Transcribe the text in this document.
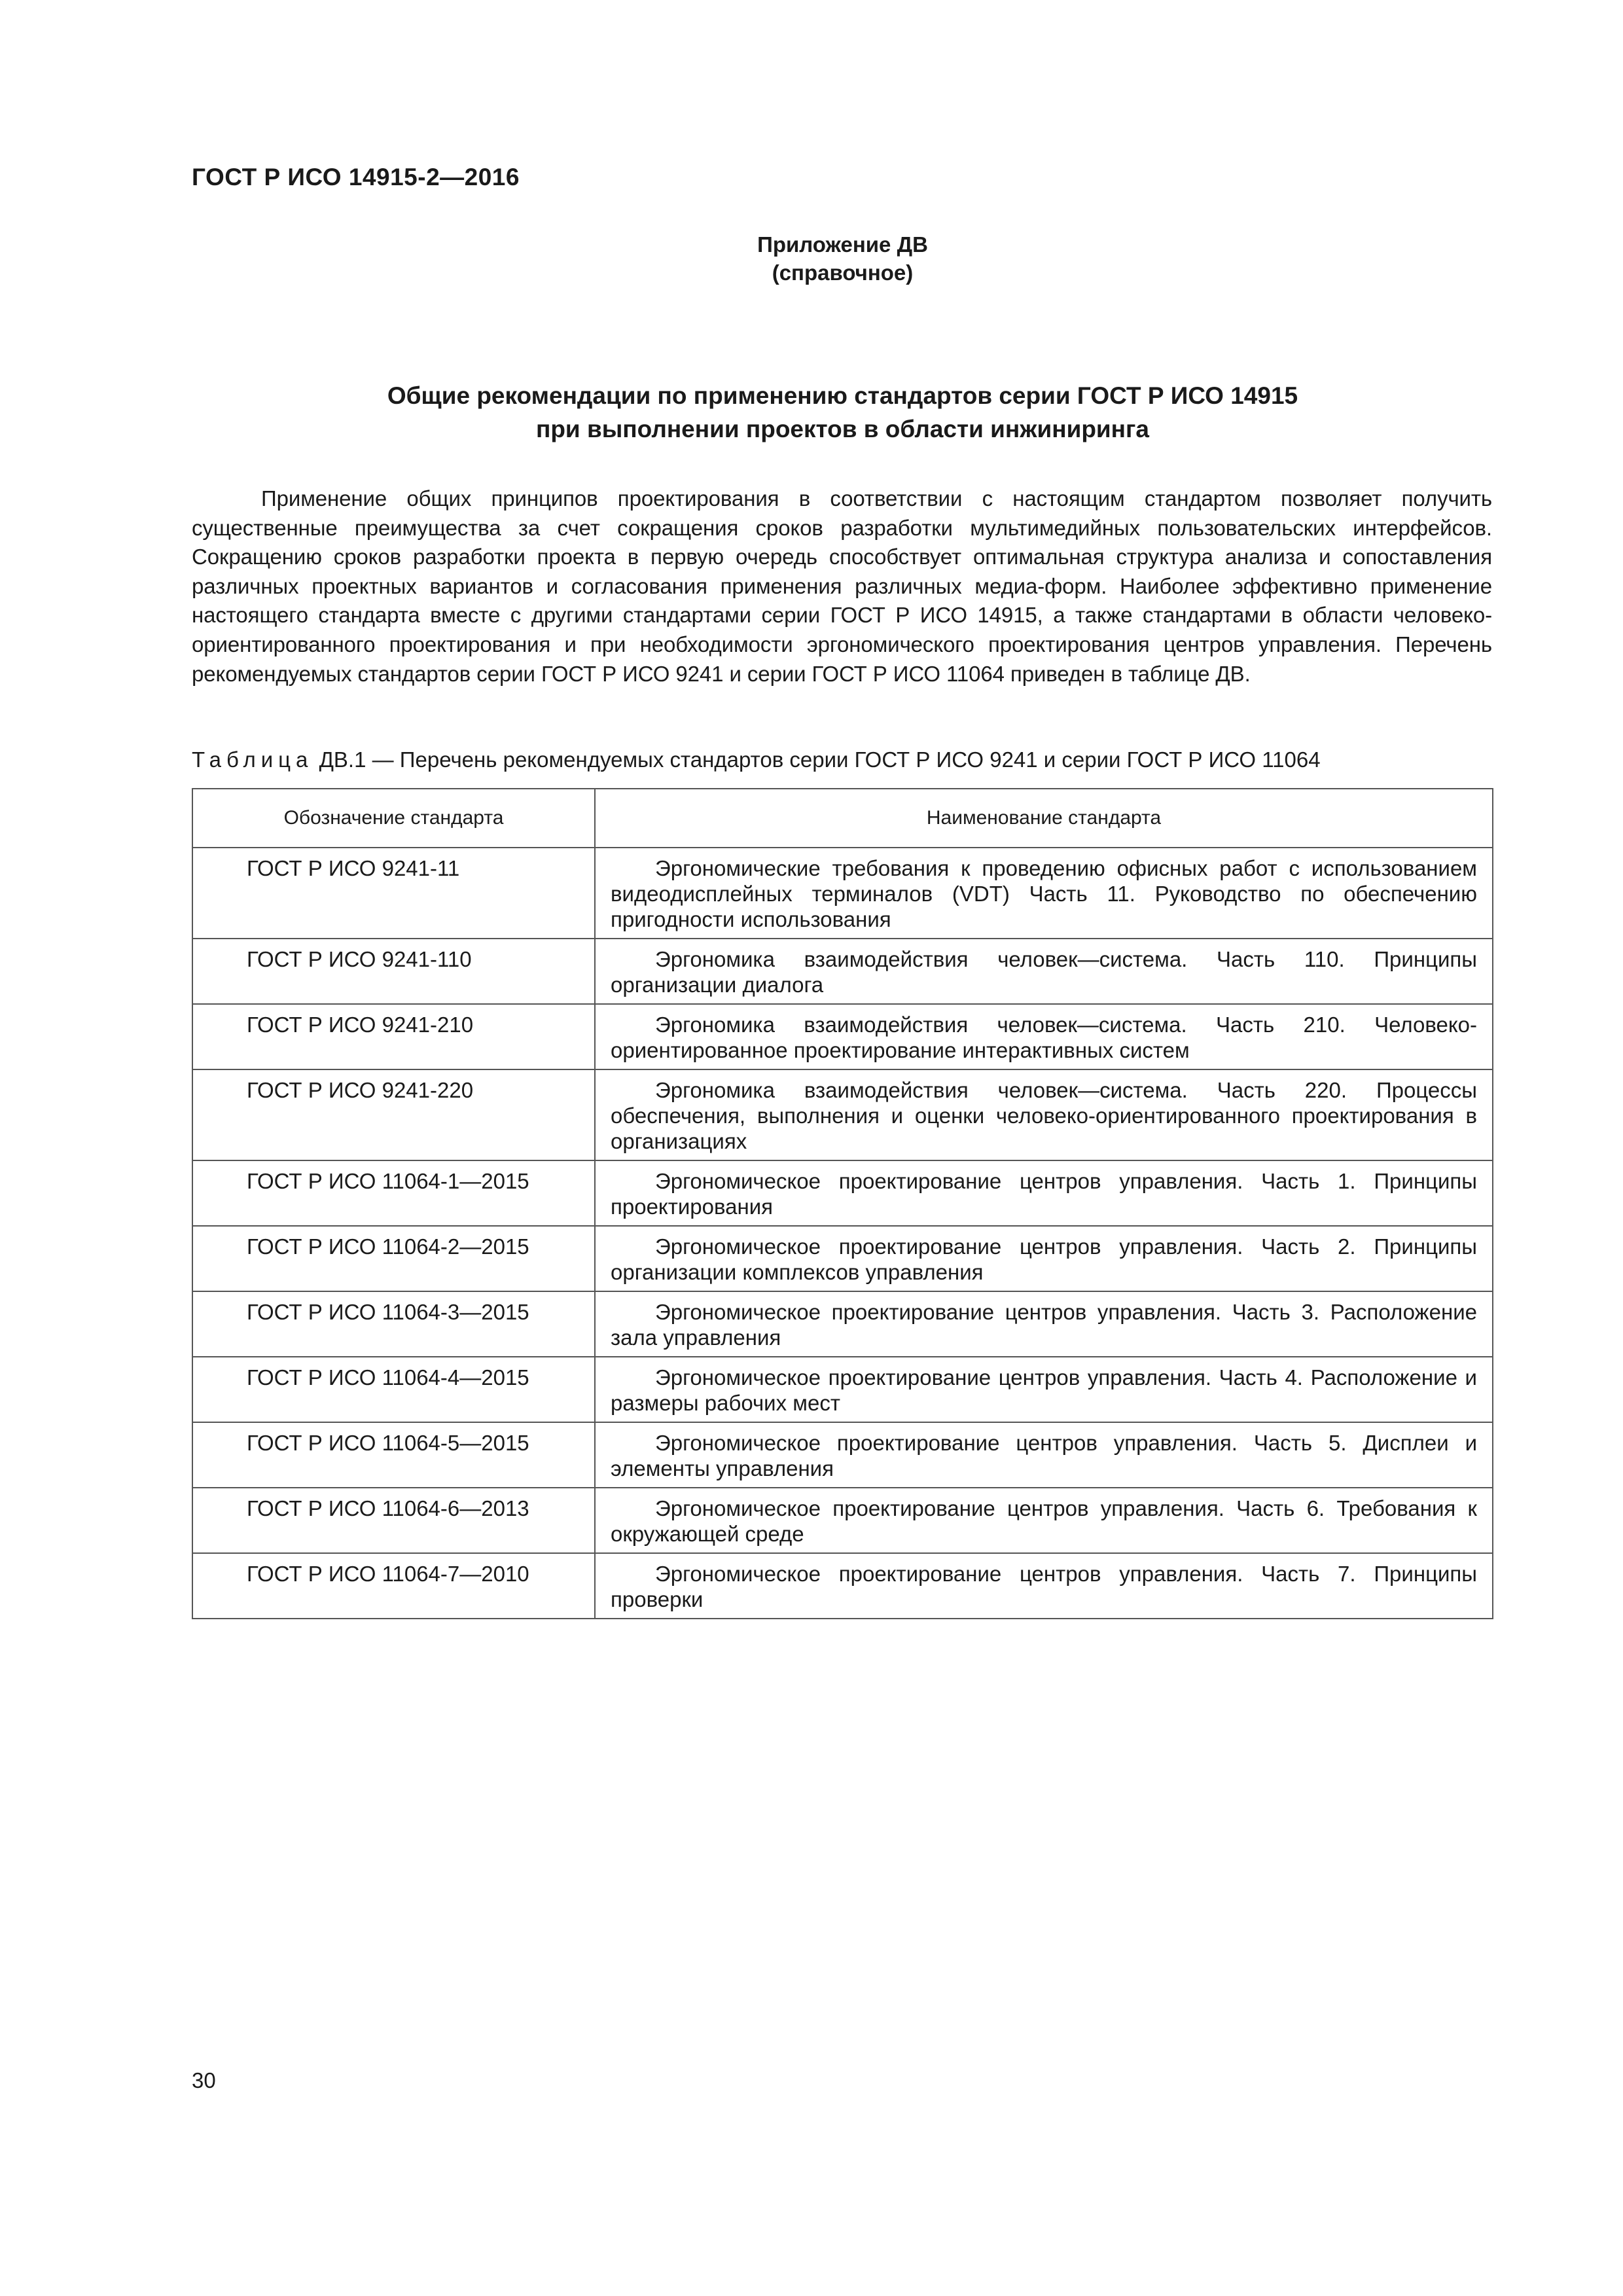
ГОСТ Р ИСО 14915-2—2016
Приложение ДВ
(справочное)
Общие рекомендации по применению стандартов серии ГОСТ Р ИСО 14915
при выполнении проектов в области инжиниринга

Применение общих принципов проектирования в соответствии с настоящим стандартом позволяет получить существенные преимущества за счет сокращения сроков разработки мультимедийных пользовательских интерфейсов. Сокращению сроков разработки проекта в первую очередь способствует оптимальная структура анализа и сопоставления различных проектных вариантов и согласования применения различных медиа-форм. Наиболее эффективно применение настоящего стандарта вместе с другими стандартами серии ГОСТ Р ИСО 14915, а также стандартами в области человеко-ориентированного проектирования и при необходимости эргономического проектирования центров управления. Перечень рекомендуемых стандартов серии ГОСТ Р ИСО 9241 и серии ГОСТ Р ИСО 11064 приведен в таблице ДВ.

Таблица ДВ.1 — Перечень рекомендуемых стандартов серии ГОСТ Р ИСО 9241 и серии ГОСТ Р ИСО 11064
Обозначение стандарта	Наименование стандарта
ГОСТ Р ИСО 9241-11	Эргономические требования к проведению офисных работ с использованием видеодисплейных терминалов (VDT) Часть 11. Руководство по обеспечению пригодности использования

ГОСТ Р ИСО 9241-110	Эргономика взаимодействия человек—система. Часть 110. Принципы организации диалога

ГОСТ Р ИСО 9241-210	Эргономика взаимодействия человек—система. Часть 210. Человеко-ориентированное проектирование интерактивных систем

ГОСТ Р ИСО 9241-220	Эргономика взаимодействия человек—система. Часть 220. Процессы обеспечения, выполнения и оценки человеко-ориентированного проектирования в организациях

ГОСТ Р ИСО 11064-1—2015	Эргономическое проектирование центров управления. Часть 1. Принципы проектирования

ГОСТ Р ИСО 11064-2—2015	Эргономическое проектирование центров управления. Часть 2. Принципы организации комплексов управления

ГОСТ Р ИСО 11064-3—2015	Эргономическое проектирование центров управления. Часть 3. Расположение зала управления

ГОСТ Р ИСО 11064-4—2015	Эргономическое проектирование центров управления. Часть 4. Расположение и размеры рабочих мест

ГОСТ Р ИСО 11064-5—2015	Эргономическое проектирование центров управления. Часть 5. Дисплеи и элементы управления

ГОСТ Р ИСО 11064-6—2013	Эргономическое проектирование центров управления. Часть 6. Требования к окружающей среде

ГОСТ Р ИСО 11064-7—2010	Эргономическое проектирование центров управления. Часть 7. Принципы проверки
30
